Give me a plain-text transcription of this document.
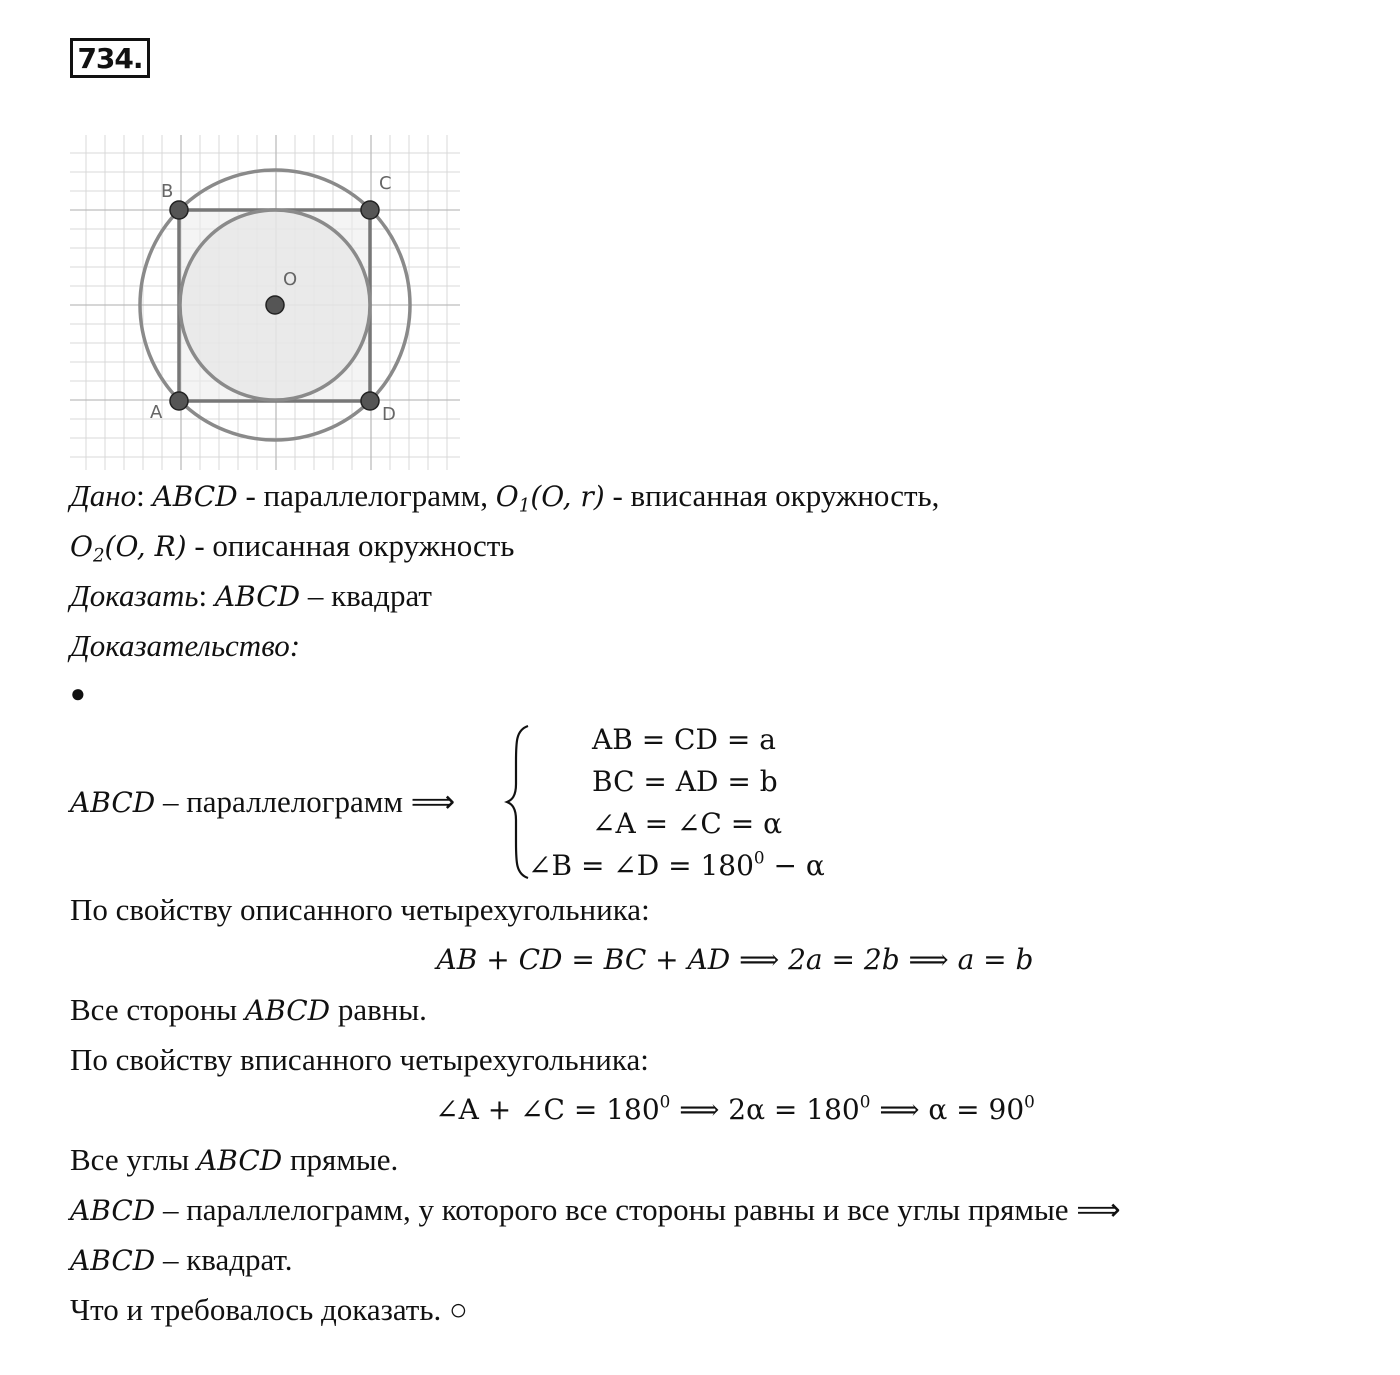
734.
B	C
O
A	D
Дано: ABCD - параллелограмм, $O_1(O$, r) - вписанная окружность,
$O_2(O$, R) - описанная окружность
Доказать: ABCD – квадрат
Доказательство:
●
ABCD – параллелограмм ⟹
AB = CD = a
BC = AD = b
∠A = ∠C = α
∠B = ∠D = $180^0 - \alpha$
По свойству описанного четырехугольника:
AB + CD = BC + AD ⟹ 2a = 2b ⟹ a = b
Все стороны ABCD равны.
По свойству вписанного четырехугольника:
∠A + ∠C = $180^0$ ⟹ $2\alpha = 180^0$ ⟹ $\alpha = 90^0$
Все углы ABCD прямые.
ABCD – параллелограмм, у которого все стороны равны и все углы прямые ⟹
ABCD – квадрат.
Что и требовалось доказать. ○
